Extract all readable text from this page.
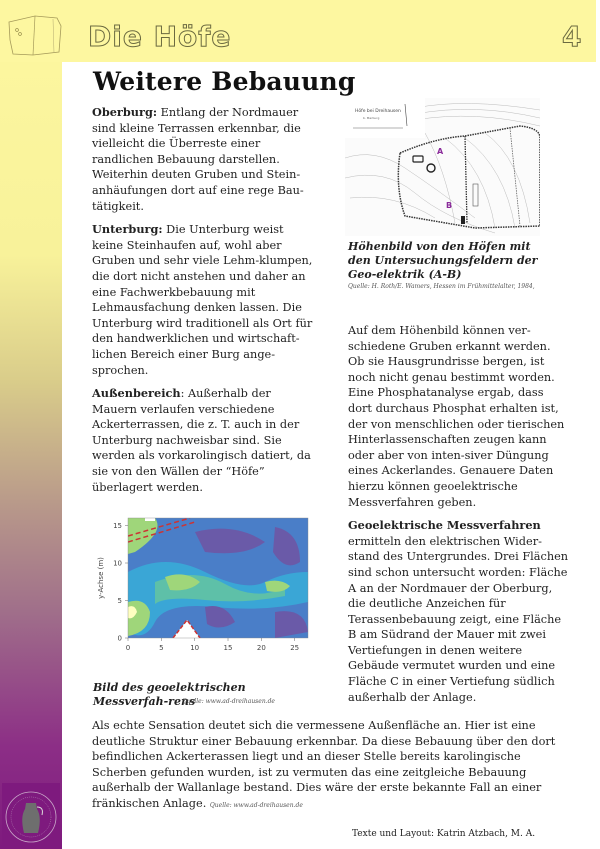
Die Höfe	4
Weitere Bebauung

Oberburg: Entlang der Nordmauer sind kleine Terrassen erkennbar, die vielleicht die Überreste einer randlichen Bebauung darstellen. Weiterhin deuten Gruben und Stein-anhäufungen dort auf eine rege Bau-tätigkeit.

Unterburg: Die Unterburg weist keine Steinhaufen auf, wohl aber Gruben und sehr viele Lehm-klumpen, die dort nicht anstehen und daher an eine Fachwerkbebauung mit Lehmausfachung denken lassen. Die Unterburg wird traditionell als Ort für den handwerklichen und wirtschaft-lichen Bereich einer Burg ange-sprochen.

Außenbereich: Außerhalb der Mauern verlaufen verschiedene Ackerterrassen, die z. T. auch in der Unterburg nachweisbar sind. Sie werden als vorkarolingisch datiert, da sie von den Wällen der “Höfe” überlagert werden.

Höfe bei Dreihausen
b. Marburg
A
B
Höhenbild von den Höfen mit den Untersuchungsfeldern der Geo-elektrik (A-B)
Quelle: H. Roth/E. Wamers, Hessen im Frühmittelalter, 1984,

Auf dem Höhenbild können ver-schiedene Gruben erkannt werden. Ob sie Hausgrundrisse bergen, ist noch nicht genau bestimmt worden. Eine Phosphatanalyse ergab, dass dort durchaus Phosphat erhalten ist, der von menschlichen oder tierischen Hinterlassenschaften zeugen kann oder aber von inten-siver Düngung eines Ackerlandes. Genauere Daten hierzu können geoelektrische Messverfahren geben.

Geoelektrische Messverfahren ermitteln den elektrischen Wider-stand des Untergrundes. Drei Flächen sind schon untersucht worden: Fläche A an der Nordmauer der Oberburg, die deutliche Anzeichen für Terassenbebauung zeigt, eine Fläche B am Südrand der Mauer mit zwei Vertiefungen in denen weitere Gebäude vermutet wurden und eine Fläche C in einer Vertiefung südlich außerhalb der Anlage.

0	5	10	15	20	25
0
5
10
15
y-Achse (m)
Bild des geoelektrischen Messverfah-rens
Quelle: www.ad-dreihausen.de
Als echte Sensation deutet sich die vermessene Außenfläche an. Hier ist eine deutliche Struktur einer Bebauung erkennbar. Da diese Bebauung über den dort befindlichen Ackerterassen liegt und an dieser Stelle bereits karolingische Scherben gefunden wurden, ist zu vermuten das eine zeitgleiche Bebauung außerhalb der Wallanlage bestand. Dies wäre der erste bekannte Fall an einer fränkischen Anlage. Quelle: www.ad-dreihausen.de
Texte und Layout: Katrin Atzbach, M. A.
